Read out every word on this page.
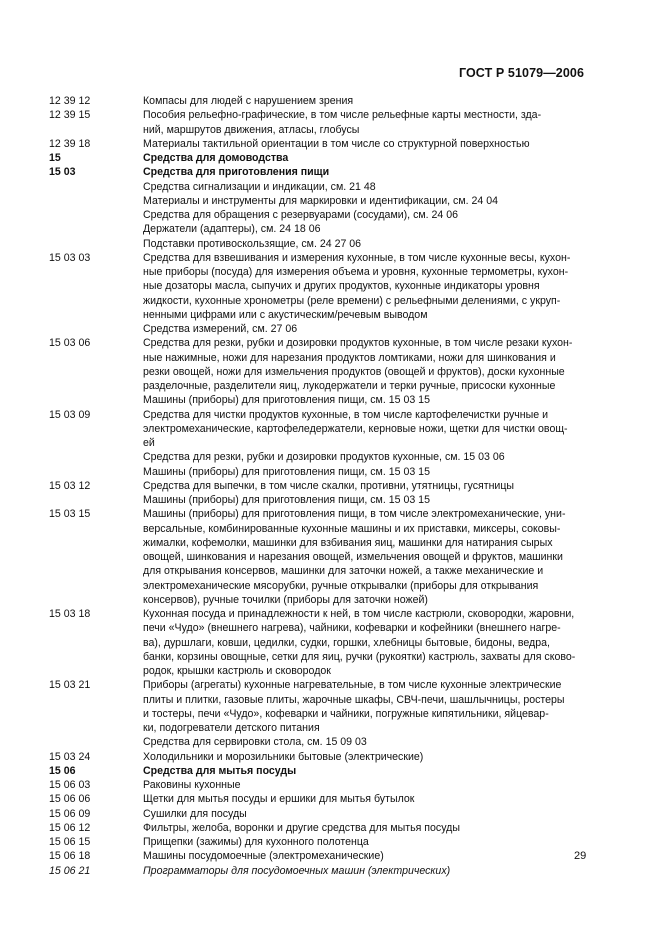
ГОСТ Р 51079—2006
12 39 12	Компасы для людей с нарушением зрения
12 39 15	Пособия рельефно-графические, в том числе рельефные карты местности, зда-
ний, маршрутов движения, атласы, глобусы
12 39 18	Материалы тактильной ориентации в том числе со структурной поверхностью
15	Средства для домоводства
15 03	Средства для приготовления пищи
Средства сигнализации и индикации, см. 21 48
Материалы и инструменты для маркировки и идентификации, см. 24 04
Средства для обращения с резервуарами (сосудами), см. 24 06
Держатели (адаптеры), см. 24 18 06
Подставки противоскользящие, см. 24 27 06
15 03 03	Средства для взвешивания и измерения кухонные, в том числе кухонные весы, кухон-
ные приборы (посуда) для измерения объема и уровня, кухонные термометры, кухон-
ные дозаторы масла, сыпучих и других продуктов, кухонные индикаторы уровня
жидкости, кухонные хронометры (реле времени) с рельефными делениями, с укруп-
ненными цифрами или с акустическим/речевым выводом
Средства измерений, см. 27 06
15 03 06	Средства для резки, рубки и дозировки продуктов кухонные, в том числе резаки кухон-
ные нажимные, ножи для нарезания продуктов ломтиками, ножи для шинкования и
резки овощей, ножи для измельчения продуктов (овощей и фруктов), доски кухонные
разделочные, разделители яиц, лукодержатели и терки ручные, присоски кухонные
Машины (приборы) для приготовления пищи, см. 15 03 15
15 03 09	Средства для чистки продуктов кухонные, в том числе картофелечистки ручные и
электромеханические, картофеледержатели, керновые ножи, щетки для чистки овощ-
ей
Средства для резки, рубки и дозировки продуктов кухонные, см. 15 03 06
Машины (приборы) для приготовления пищи, см. 15 03 15
15 03 12	Средства для выпечки, в том числе скалки, противни, утятницы, гусятницы
Машины (приборы) для приготовления пищи, см. 15 03 15
15 03 15	Машины (приборы) для приготовления пищи, в том числе электромеханические, уни-
версальные, комбинированные кухонные машины и их приставки, миксеры, соковы-
жималки, кофемолки, машинки для взбивания яиц, машинки для натирания сырых
овощей, шинкования и нарезания овощей, измельчения овощей и фруктов, машинки
для открывания консервов, машинки для заточки ножей, а также механические и
электромеханические мясорубки, ручные открывалки (приборы для открывания
консервов), ручные точилки (приборы для заточки ножей)
15 03 18	Кухонная посуда и принадлежности к ней, в том числе кастрюли, сковородки, жаровни,
печи «Чудо» (внешнего нагрева), чайники, кофеварки и кофейники (внешнего нагре-
ва), дуршлаги, ковши, цедилки, судки, горшки, хлебницы бытовые, бидоны, ведра,
банки, корзины овощные, сетки для яиц, ручки (рукоятки) кастрюль, захваты для сково-
родок, крышки кастрюль и сковородок
15 03 21	Приборы (агрегаты) кухонные нагревательные, в том числе кухонные электрические
плиты и плитки, газовые плиты, жарочные шкафы, СВЧ-печи, шашлычницы, ростеры
и тостеры, печи «Чудо», кофеварки и чайники, погружные кипятильники, яйцевар-
ки, подогреватели детского питания
Средства для сервировки стола, см. 15 09 03
15 03 24	Холодильники и морозильники бытовые (электрические)
15 06	Средства для мытья посуды
15 06 03	Раковины кухонные
15 06 06	Щетки для мытья посуды и ершики для мытья бутылок
15 06 09	Сушилки для посуды
15 06 12	Фильтры, желоба, воронки и другие средства для мытья посуды
15 06 15	Прищепки (зажимы) для кухонного полотенца
15 06 18	Машины посудомоечные (электромеханические)
15 06 21	Программаторы для посудомоечных машин (электрических)
29
